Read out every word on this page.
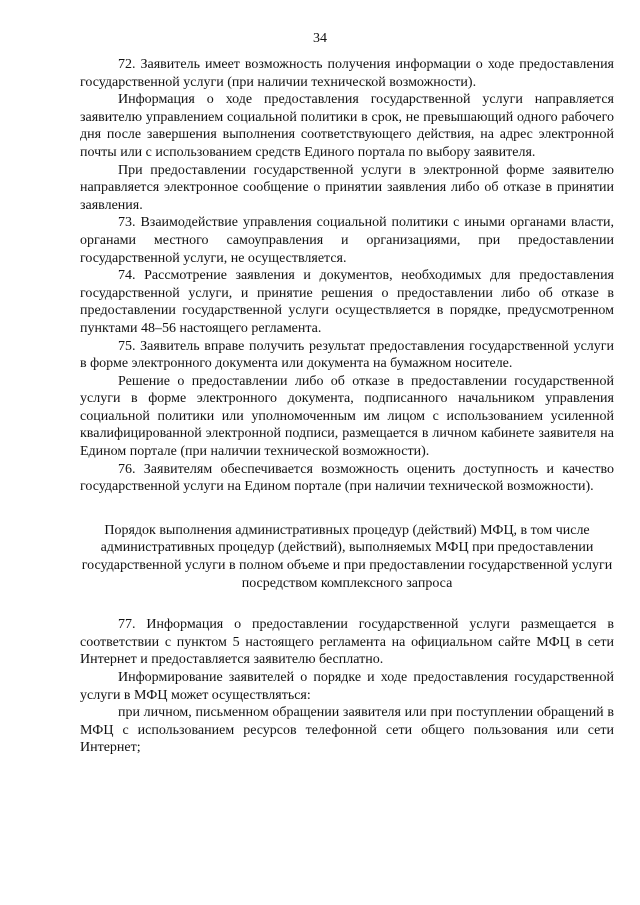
34

72. Заявитель имеет возможность получения информации о ходе предоставления государственной услуги (при наличии технической возможности).

Информация о ходе предоставления государственной услуги направляется заявителю управлением социальной политики в срок, не превышающий одного рабочего дня после завершения выполнения соответствующего действия, на адрес электронной почты или с использованием средств Единого портала по выбору заявителя.

При предоставлении государственной услуги в электронной форме заявителю направляется электронное сообщение о принятии заявления либо об отказе в принятии заявления.

73. Взаимодействие управления социальной политики с иными органами власти, органами местного самоуправления и организациями, при предоставлении государственной услуги, не осуществляется.

74. Рассмотрение заявления и документов, необходимых для предоставления государственной услуги, и принятие решения о предоставлении либо об отказе в предоставлении государственной услуги осуществляется в порядке, предусмотренном пунктами 48–56 настоящего регламента.

75. Заявитель вправе получить результат предоставления государственной услуги в форме электронного документа или документа на бумажном носителе.

Решение о предоставлении либо об отказе в предоставлении государственной услуги в форме электронного документа, подписанного начальником управления социальной политики или уполномоченным им лицом с использованием усиленной квалифицированной электронной подписи, размещается в личном кабинете заявителя на Едином портале (при наличии технической возможности).

76. Заявителям обеспечивается возможность оценить доступность и качество государственной услуги на Едином портале (при наличии технической возможности).

Порядок выполнения административных процедур (действий) МФЦ, в том числе административных процедур (действий), выполняемых МФЦ при предоставлении государственной услуги в полном объеме и при предоставлении государственной услуги посредством комплексного запроса

77. Информация о предоставлении государственной услуги размещается в соответствии с пунктом 5 настоящего регламента на официальном сайте МФЦ в сети Интернет и предоставляется заявителю бесплатно.

Информирование заявителей о порядке и ходе предоставления государственной услуги в МФЦ может осуществляться:

при личном, письменном обращении заявителя или при поступлении обращений в МФЦ с использованием ресурсов телефонной сети общего пользования или сети Интернет;
